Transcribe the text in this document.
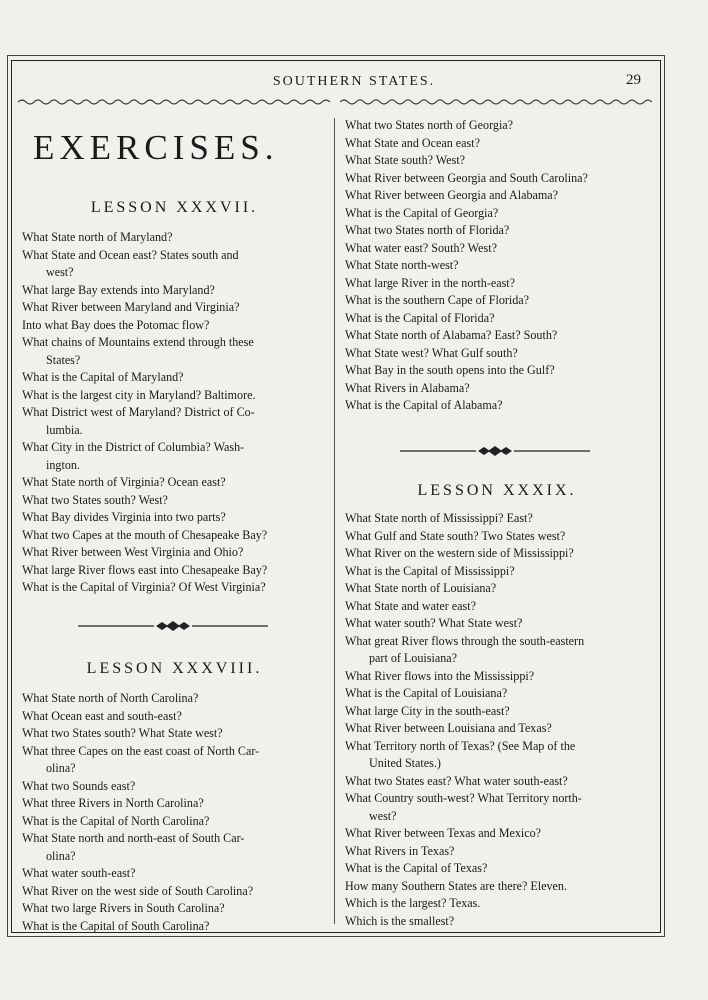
SOUTHERN STATES.	29
EXERCISES.
LESSON XXXVII.

What State north of Maryland?

What State and Ocean east? States south and

west?

What large Bay extends into Maryland?

What River between Maryland and Virginia?

Into what Bay does the Potomac flow?

What chains of Mountains extend through these

States?

What is the Capital of Maryland?

What is the largest city in Maryland? Baltimore.

What District west of Maryland? District of Co-

lumbia.

What City in the District of Columbia? Wash-

ington.

What State north of Virginia? Ocean east?

What two States south? West?

What Bay divides Virginia into two parts?

What two Capes at the mouth of Chesapeake Bay?

What River between West Virginia and Ohio?

What large River flows east into Chesapeake Bay?

What is the Capital of Virginia? Of West Virginia?

LESSON XXXVIII.

What State north of North Carolina?

What Ocean east and south-east?

What two States south? What State west?

What three Capes on the east coast of North Car-

olina?

What two Sounds east?

What three Rivers in North Carolina?

What is the Capital of North Carolina?

What State north and north-east of South Car-

olina?

What water south-east?

What River on the west side of South Carolina?

What two large Rivers in South Carolina?

What is the Capital of South Carolina?

What two States north of Georgia?

What State and Ocean east?

What State south? West?

What River between Georgia and South Carolina?

What River between Georgia and Alabama?

What is the Capital of Georgia?

What two States north of Florida?

What water east? South? West?

What State north-west?

What large River in the north-east?

What is the southern Cape of Florida?

What is the Capital of Florida?

What State north of Alabama? East? South?

What State west? What Gulf south?

What Bay in the south opens into the Gulf?

What Rivers in Alabama?

What is the Capital of Alabama?

LESSON XXXIX.

What State north of Mississippi? East?

What Gulf and State south? Two States west?

What River on the western side of Mississippi?

What is the Capital of Mississippi?

What State north of Louisiana?

What State and water east?

What water south? What State west?

What great River flows through the south-eastern

part of Louisiana?

What River flows into the Mississippi?

What is the Capital of Louisiana?

What large City in the south-east?

What River between Louisiana and Texas?

What Territory north of Texas? (See Map of the

United States.)

What two States east? What water south-east?

What Country south-west? What Territory north-

west?

What River between Texas and Mexico?

What Rivers in Texas?

What is the Capital of Texas?

How many Southern States are there? Eleven.

Which is the largest? Texas.

Which is the smallest?
